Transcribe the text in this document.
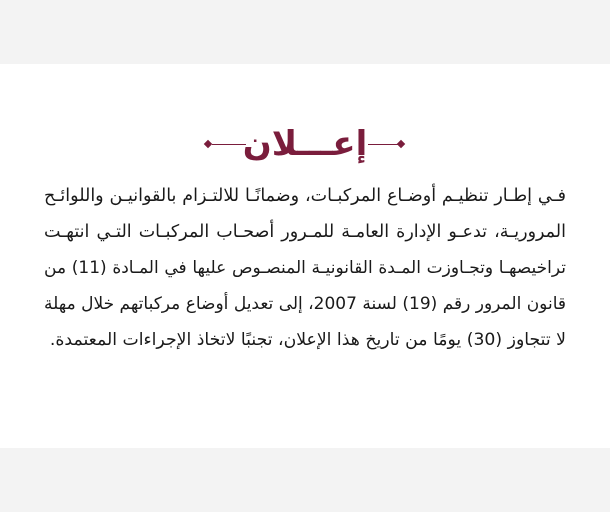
إعـــلان
فـي إطـار تنظيـم أوضـاع المركبـات، وضمانًـا للالتـزام بالقوانيـن واللوائـح
المروريـة، تدعـو الإدارة العامـة للمـرور أصحـاب المركبـات التـي انتهـت
تراخيصهـا وتجـاوزت المـدة القانونيـة المنصـوص عليها في المـادة (11) من
قانون المرور رقم (19) لسنة 2007، إلى تعديل أوضاع مركباتهم خلال مهلة
لا تتجاوز (30) يومًا من تاريخ هذا الإعلان، تجنبًا لاتخاذ الإجراءات المعتمدة.
